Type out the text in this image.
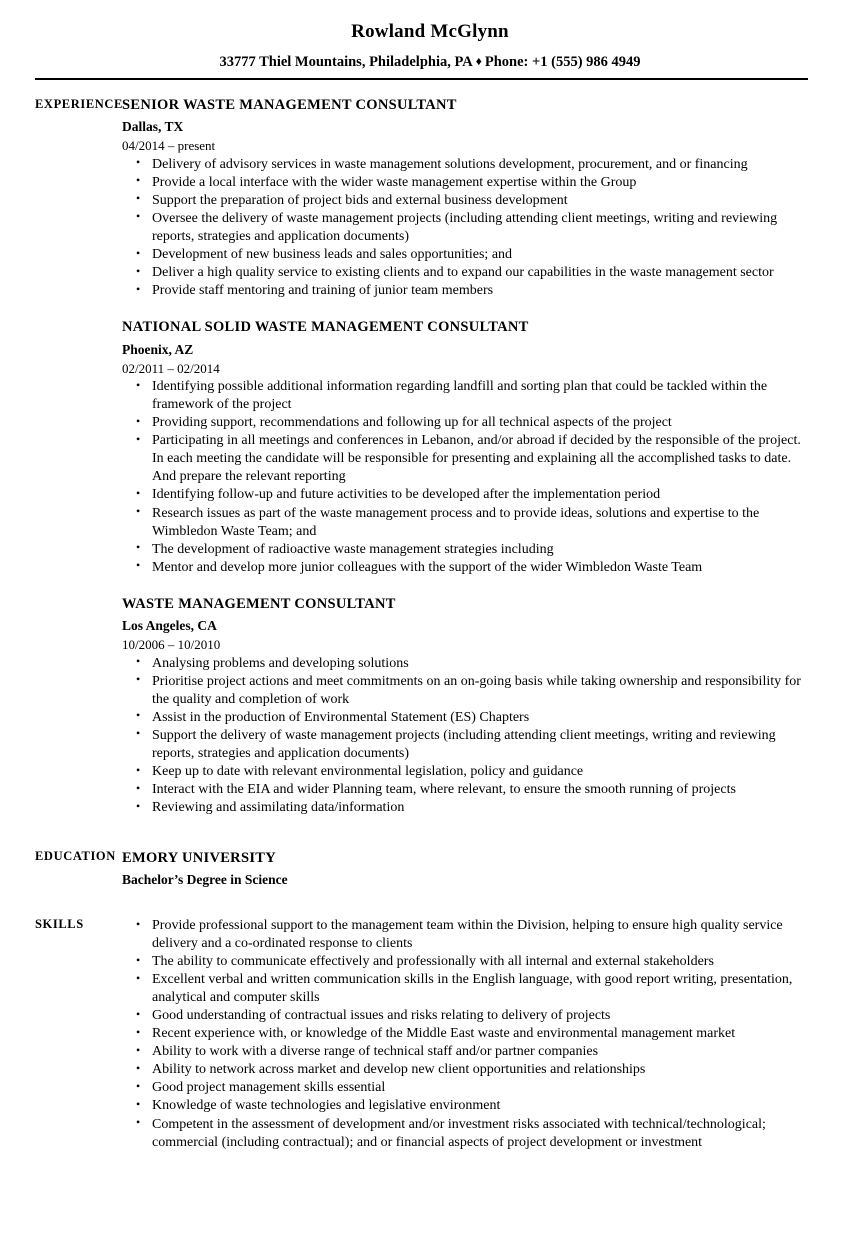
Rowland McGlynn
33777 Thiel Mountains, Philadelphia, PA ♦ Phone: +1 (555) 986 4949
EXPERIENCE SENIOR WASTE MANAGEMENT CONSULTANT
Dallas, TX
04/2014 – present
• Delivery of advisory services in waste management solutions development, procurement, and or financing
• Provide a local interface with the wider waste management expertise within the Group
• Support the preparation of project bids and external business development
• Oversee the delivery of waste management projects (including attending client meetings, writing and reviewing reports, strategies and application documents)
• Development of new business leads and sales opportunities; and
• Deliver a high quality service to existing clients and to expand our capabilities in the waste management sector
• Provide staff mentoring and training of junior team members
NATIONAL SOLID WASTE MANAGEMENT CONSULTANT
Phoenix, AZ
02/2011 – 02/2014
• Identifying possible additional information regarding landfill and sorting plan that could be tackled within the framework of the project
• Providing support, recommendations and following up for all technical aspects of the project
• Participating in all meetings and conferences in Lebanon, and/or abroad if decided by the responsible of the project. In each meeting the candidate will be responsible for presenting and explaining all the accomplished tasks to date. And prepare the relevant reporting
• Identifying follow-up and future activities to be developed after the implementation period
• Research issues as part of the waste management process and to provide ideas, solutions and expertise to the Wimbledon Waste Team; and
• The development of radioactive waste management strategies including
• Mentor and develop more junior colleagues with the support of the wider Wimbledon Waste Team
WASTE MANAGEMENT CONSULTANT
Los Angeles, CA
10/2006 – 10/2010
• Analysing problems and developing solutions
• Prioritise project actions and meet commitments on an on-going basis while taking ownership and responsibility for the quality and completion of work
• Assist in the production of Environmental Statement (ES) Chapters
• Support the delivery of waste management projects (including attending client meetings, writing and reviewing reports, strategies and application documents)
• Keep up to date with relevant environmental legislation, policy and guidance
• Interact with the EIA and wider Planning team, where relevant, to ensure the smooth running of projects
• Reviewing and assimilating data/information
EDUCATION EMORY UNIVERSITY
Bachelor’s Degree in Science
SKILLS	• Provide professional support to the management team within the Division, helping to ensure high quality service delivery and a co-ordinated response to clients
• The ability to communicate effectively and professionally with all internal and external stakeholders
• Excellent verbal and written communication skills in the English language, with good report writing, presentation, analytical and computer skills
• Good understanding of contractual issues and risks relating to delivery of projects
• Recent experience with, or knowledge of the Middle East waste and environmental management market
• Ability to work with a diverse range of technical staff and/or partner companies
• Ability to network across market and develop new client opportunities and relationships
• Good project management skills essential
• Knowledge of waste technologies and legislative environment
• Competent in the assessment of development and/or investment risks associated with technical/technological; commercial (including contractual); and or financial aspects of project development or investment
